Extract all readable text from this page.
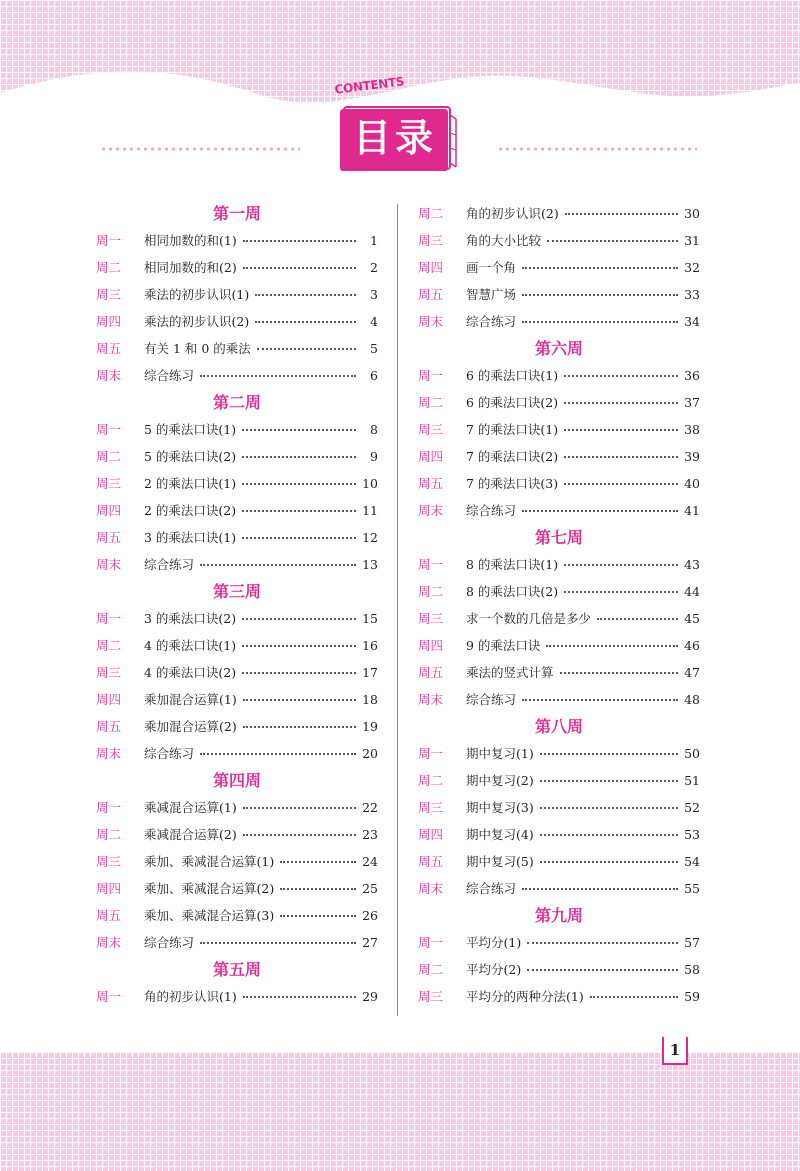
目录
CONTENTS
第一周
周一	相同加数的和(1)	1
周二	相同加数的和(2)	2
周三	乘法的初步认识(1)	3
周四	乘法的初步认识(2)	4
周五	有关 1 和 0 的乘法	5
周末	综合练习	6
第二周
周一	5 的乘法口诀(1)	8
周二	5 的乘法口诀(2)	9
周三	2 的乘法口诀(1)	10
周四	2 的乘法口诀(2)	11
周五	3 的乘法口诀(1)	12
周末	综合练习	13
第三周
周一	3 的乘法口诀(2)	15
周二	4 的乘法口诀(1)	16
周三	4 的乘法口诀(2)	17
周四	乘加混合运算(1)	18
周五	乘加混合运算(2)	19
周末	综合练习	20
第四周
周一	乘减混合运算(1)	22
周二	乘减混合运算(2)	23
周三	乘加、乘减混合运算(1)	24
周四	乘加、乘减混合运算(2)	25
周五	乘加、乘减混合运算(3)	26
周末	综合练习	27
第五周
周一	角的初步认识(1)	29
周二	角的初步认识(2)	30
周三	角的大小比较	31
周四	画一个角	32
周五	智慧广场	33
周末	综合练习	34
第六周
周一	6 的乘法口诀(1)	36
周二	6 的乘法口诀(2)	37
周三	7 的乘法口诀(1)	38
周四	7 的乘法口诀(2)	39
周五	7 的乘法口诀(3)	40
周末	综合练习	41
第七周
周一	8 的乘法口诀(1)	43
周二	8 的乘法口诀(2)	44
周三	求一个数的几倍是多少	45
周四	9 的乘法口诀	46
周五	乘法的竖式计算	47
周末	综合练习	48
第八周
周一	期中复习(1)	50
周二	期中复习(2)	51
周三	期中复习(3)	52
周四	期中复习(4)	53
周五	期中复习(5)	54
周末	综合练习	55
第九周
周一	平均分(1)	57
周二	平均分(2)	58
周三	平均分的两种分法(1)	59
1
